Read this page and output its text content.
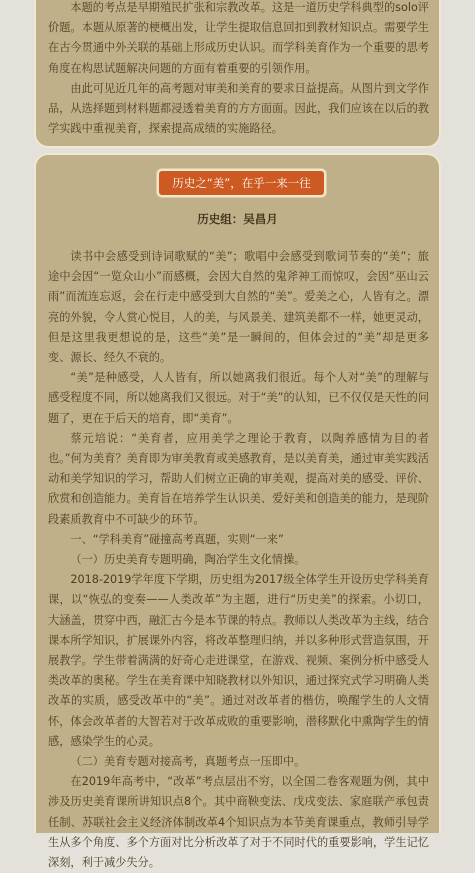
本题的考点是早期殖民扩张和宗教改革。这是一道历史学科典型的solo评价题。本题从原著的梗概出发，让学生提取信息回扣到教材知识点。需要学生在古今贯通中外关联的基础上形成历史认识。而学科美育作为一个重要的思考角度在构思试题解决问题的方面有着重要的引领作用。

由此可见近几年的高考题对审美和美育的要求日益提高。从图片到文学作品，从选择题到材料题都浸透着美育的方方面面。因此，我们应该在以后的教学实践中重视美育，探索提高成绩的实施路径。

历史之“美”，在乎一来一往
历史组：吴昌月

读书中会感受到诗词歌赋的“美”；歌唱中会感受到歌词节奏的“美”；旅途中会因“一览众山小”而感概，会因大自然的鬼斧神工而惊叹，会因“巫山云雨”而流连忘返，会在行走中感受到大自然的“美”。爱美之心，人皆有之。漂亮的外貌，令人赏心悦目，人的美，与风景美、建筑美都不一样，她更灵动，但是这里我更想说的是，这些“美”是一瞬间的，但体会过的“美”却是更多变、源长、经久不衰的。

“美”是种感受，人人皆有，所以她离我们很近。每个人对“美”的理解与感受程度不同，所以她离我们又很远。对于“美”的认知，已不仅仅是天性的问题了，更在于后天的培育，即“美育”。

蔡元培说：“美育者，应用美学之理论于教育，以陶养感情为目的者也。”何为美育？美育即为审美教育或美感教育，是以美育美，通过审美实践活动和美学知识的学习，帮助人们树立正确的审美观，提高对美的感受、评价、欣赏和创造能力。美育旨在培养学生认识美、爱好美和创造美的能力，是现阶段素质教育中不可缺少的环节。

一、“学科美育”碰撞高考真题，实则“一来”

（一）历史美育专题明确，陶冶学生文化情操。

2018-2019学年度下学期，历史组为2017级全体学生开设历史学科美育课，以“恢弘的变奏——人类改革”为主题，进行“历史美”的探索。小切口，大涵盖，贯穿中西，融汇古今是本节课的特点。教师以人类改革为主线，结合课本所学知识，扩展课外内容，将改革整理归纳，并以多种形式营造氛围，开展教学。学生带着满满的好奇心走进课堂，在游戏、视频、案例分析中感受人类改革的奥秘。学生在美育课中知晓教材以外知识，通过探究式学习明确人类改革的实质，感受改革中的“美”。通过对改革者的楷仿，唤醒学生的人文情怀，体会改革者的大智若对于改革成败的重要影响，潜移默化中熏陶学生的情感，感染学生的心灵。

（二）美育专题对接高考，真题考点一压即中。

在2019年高考中，“改革”考点层出不穷，以全国二卷客观题为例，其中涉及历史美育课所讲知识点8个。其中商鞅变法、戊戌变法、家庭联产承包责任制、苏联社会主义经济体制改革4个知识点为本节美育课重点，教师引导学生从多个角度、多个方面对比分析改革了对于不同时代的重要影响，学生记忆深刻，利于减少失分。
